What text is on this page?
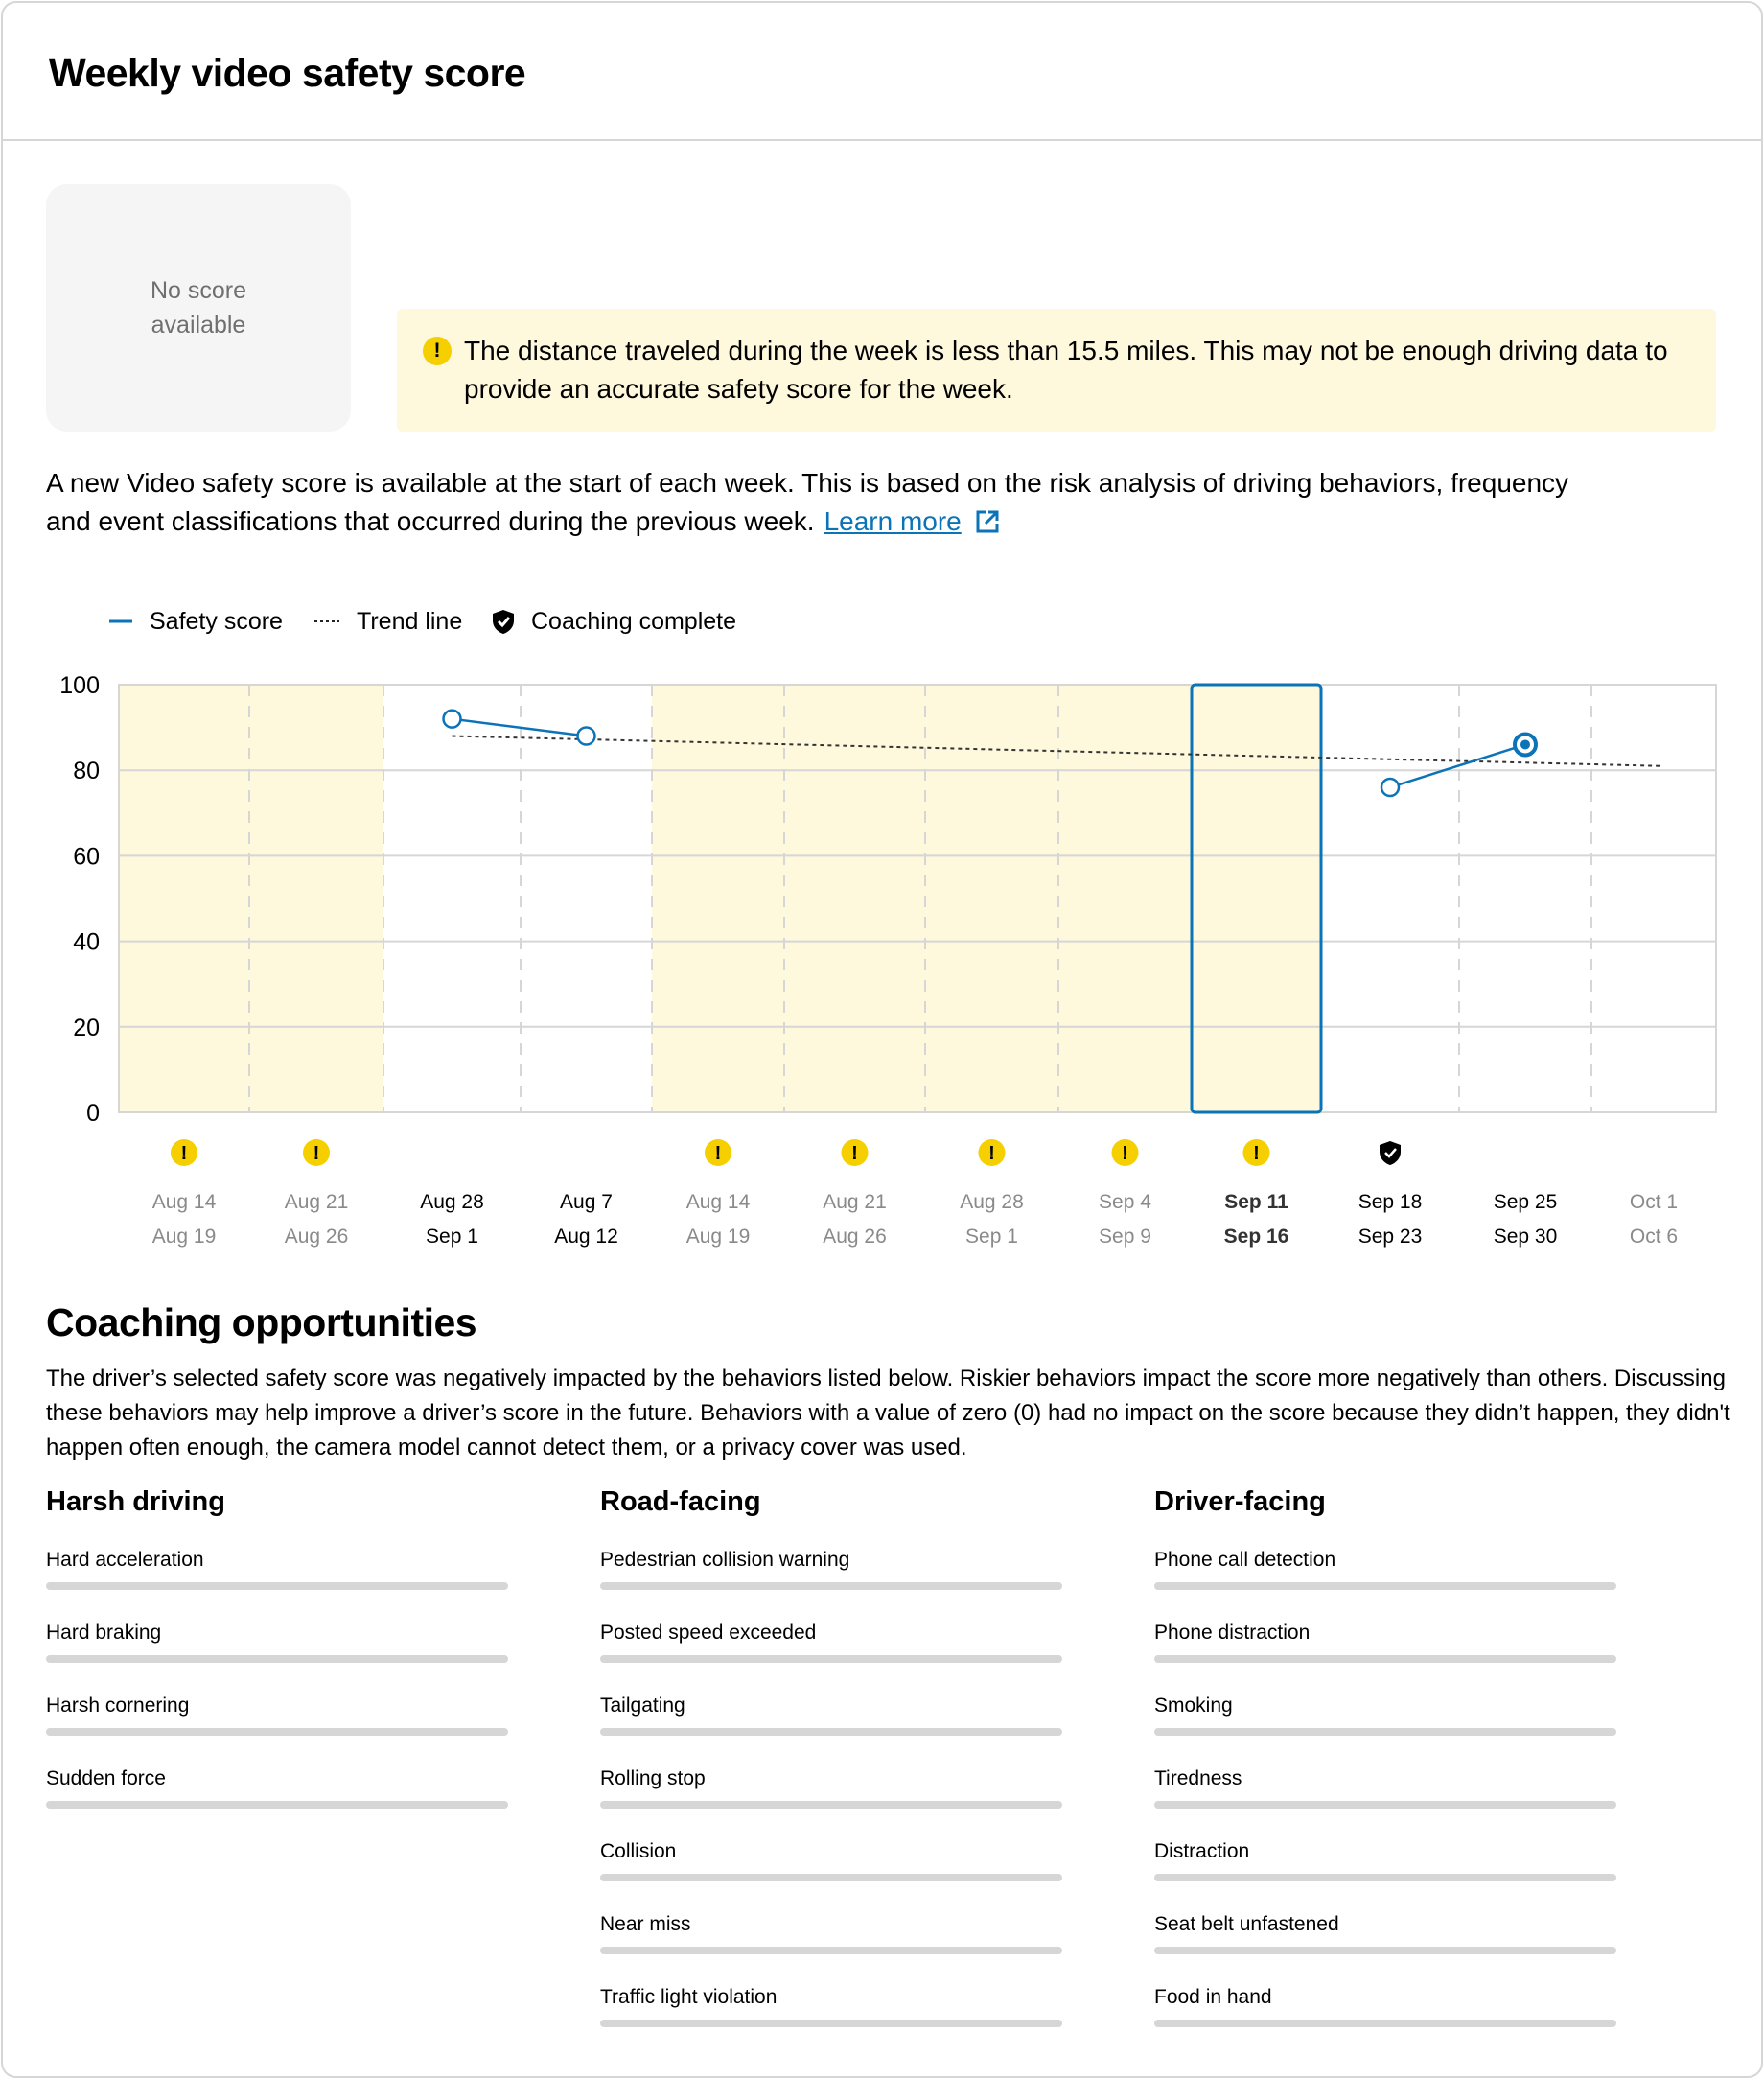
Weekly video safety score
No score available
! The distance traveled during the week is less than 15.5 miles. This may not be enough driving data to provide an accurate safety score for the week.
A new Video safety score is available at the start of each week. This is based on the risk analysis of driving behaviors, frequency and event classifications that occurred during the previous week. Learn more
Safety score	Trend line	Coaching complete
100
80
60
40
20
0
!	!	!	!	!	!	!
Aug 14
Aug 19
Aug 21
Aug 26
Aug 28
Sep 1
Aug 7
Aug 12
Aug 14
Aug 19
Aug 21
Aug 26
Aug 28
Sep 1
Sep 4
Sep 9
Sep 11
Sep 16
Sep 18
Sep 23
Sep 25
Sep 30
Oct 1
Oct 6
Coaching opportunities
The driver’s selected safety score was negatively impacted by the behaviors listed below. Riskier behaviors impact the score more negatively than others. Discussing these behaviors may help improve a driver’s score in the future. Behaviors with a value of zero (0) had no impact on the score because they didn’t happen, they didn't happen often enough, the camera model cannot detect them, or a privacy cover was used.
Harsh driving
Hard acceleration
Hard braking
Harsh cornering
Sudden force
Road-facing
Pedestrian collision warning
Posted speed exceeded
Tailgating
Rolling stop
Collision
Near miss
Traffic light violation
Driver-facing
Phone call detection
Phone distraction
Smoking
Tiredness
Distraction
Seat belt unfastened
Food in hand
